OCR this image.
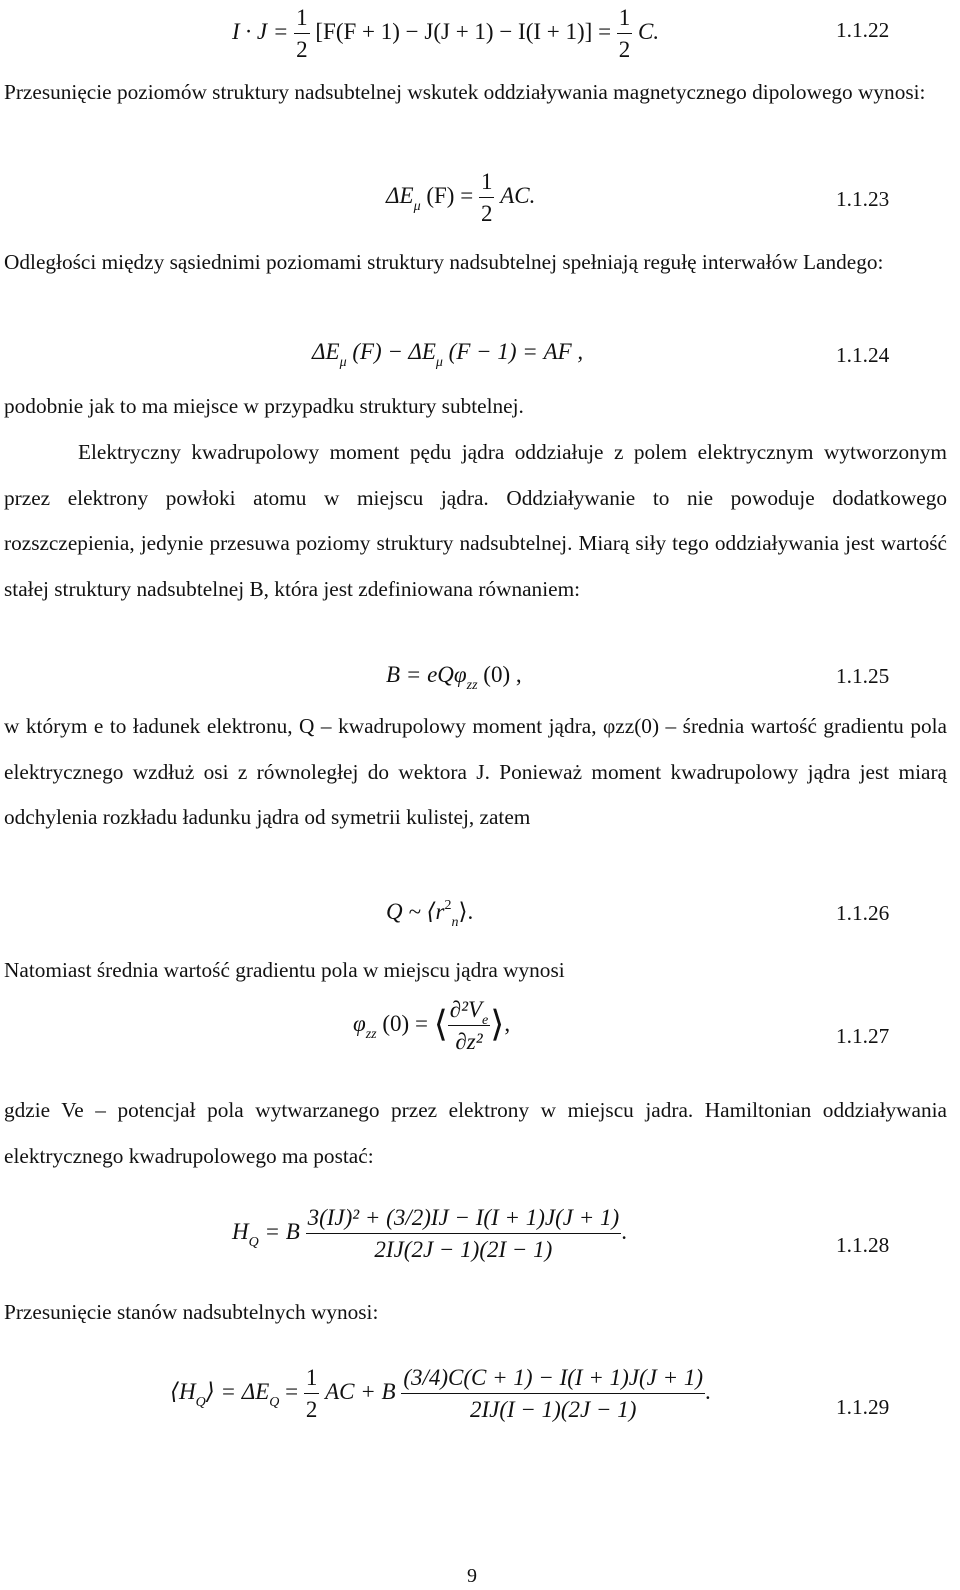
$I \cdot J = \frac{1}{2} [F(F + 1) - J(J + 1) - I(I + 1)] = \frac{1}{2} C$.	1.1.22
Przesunięcie poziomów struktury nadsubtelnej wskutek oddziaływania magnetycznego dipolowego wynosi:
$\Delta E_\mu$ $(F) = \frac{1}{2}$ AC.	1.1.23
Odległości między sąsiednimi poziomami struktury nadsubtelnej spełniają regułę interwałów Landego:
$\Delta E_\mu$ $(F) - \Delta E_\mu$ (F − 1) = AF ,	1.1.24
podobnie jak to ma miejsce w przypadku struktury subtelnej.
Elektryczny kwadrupolowy moment pędu jądra oddziałuje z polem elektrycznym wytworzonym przez elektrony powłoki atomu w miejscu jądra. Oddziaływanie to nie powoduje dodatkowego rozszczepienia, jedynie przesuwa poziomy struktury nadsubtelnej. Miarą siły tego oddziaływania jest wartość stałej struktury nadsubtelnej B, która jest zdefiniowana równaniem:
B = eQφ$_{zz}$ (0) ,	1.1.25
w którym e to ładunek elektronu, Q – kwadrupolowy moment jądra, φzz(0) – średnia wartość gradientu pola elektrycznego wzdłuż osi z równoległej do wektora J. Ponieważ moment kwadrupolowy jądra jest miarą odchylenia rozkładu ładunku jądra od symetrii kulistej, zatem
Q ~ $⟨r^2_n⟩$.	1.1.26
Natomiast średnia wartość gradientu pola w miejscu jądra wynosi
$\varphi_{zz}$ (0) = ⟨ $\frac{\partial^2V_e}{\text{∂z²}}$ ⟩,
1.1.27
gdzie Ve – potencjał pola wytwarzanego przez elektrony w miejscu jadra. Hamiltonian oddziaływania elektrycznego kwadrupolowego ma postać:
$H_Q = B \frac{\text{3(IJ)² + (3/2)IJ − I(I + 1)J(J + 1)}}{2IJ(2J - 1)(2I - 1)}$ .
1.1.28
Przesunięcie stanów nadsubtelnych wynosi:
$⟨H_Q⟩ = \Delta E_Q = \frac{1}{2}$ AC + B $\frac{(3/4)C(C + 1) - I(I + 1)J(J + 1)}{2IJ(I - 1)(2J - 1)}$ .
1.1.29
9
